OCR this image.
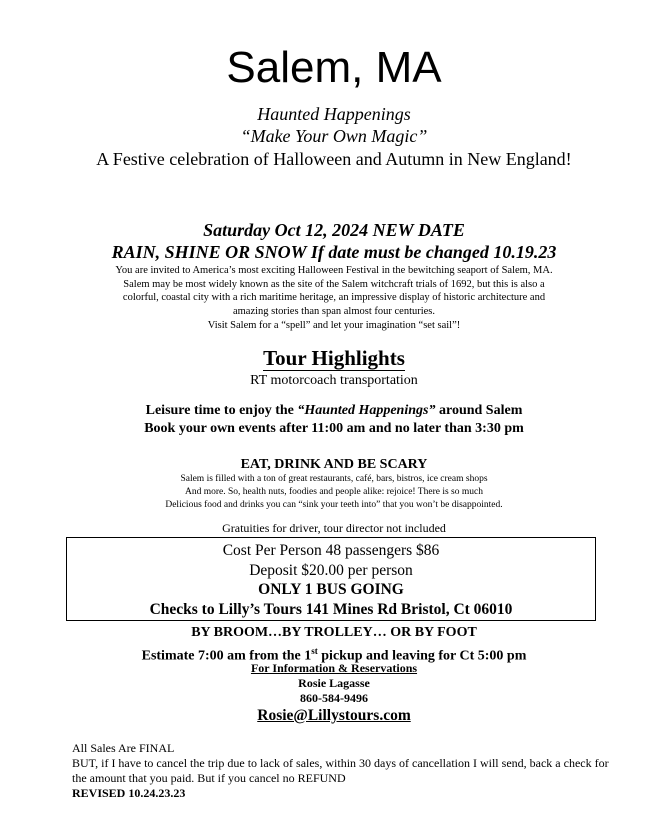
Salem, MA
Haunted Happenings
“Make Your Own Magic”
A Festive celebration of Halloween and Autumn in New England!
Saturday Oct 12, 2024 NEW DATE
RAIN, SHINE OR SNOW If date must be changed 10.19.23
You are invited to America’s most exciting Halloween Festival in the bewitching seaport of Salem, MA.
Salem may be most widely known as the site of the Salem witchcraft trials of 1692, but this is also a
colorful, coastal city with a rich maritime heritage, an impressive display of historic architecture and
amazing stories than span almost four centuries.
Visit Salem for a “spell” and let your imagination “set sail”!
Tour Highlights
RT motorcoach transportation
Leisure time to enjoy the “Haunted Happenings” around Salem
Book your own events after 11:00 am and no later than 3:30 pm
EAT, DRINK AND BE SCARY
Salem is filled with a ton of great restaurants, café, bars, bistros, ice cream shops
And more. So, health nuts, foodies and people alike: rejoice! There is so much
Delicious food and drinks you can “sink your teeth into” that you won’t be disappointed.
Gratuities for driver, tour director not included
Cost Per Person 48 passengers $86
Deposit $20.00 per person
ONLY 1 BUS GOING
Checks to Lilly’s Tours 141 Mines Rd Bristol, Ct 06010
BY BROOM…BY TROLLEY… OR BY FOOT
Estimate 7:00 am from the 1st pickup and leaving for Ct 5:00 pm
For Information & Reservations
Rosie Lagasse
860-584-9496
Rosie@Lillystours.com
All Sales Are FINAL
BUT, if I have to cancel the trip due to lack of sales, within 30 days of cancellation I will send, back a check for the amount that you paid. But if you cancel no REFUND
REVISED 10.24.23.23
